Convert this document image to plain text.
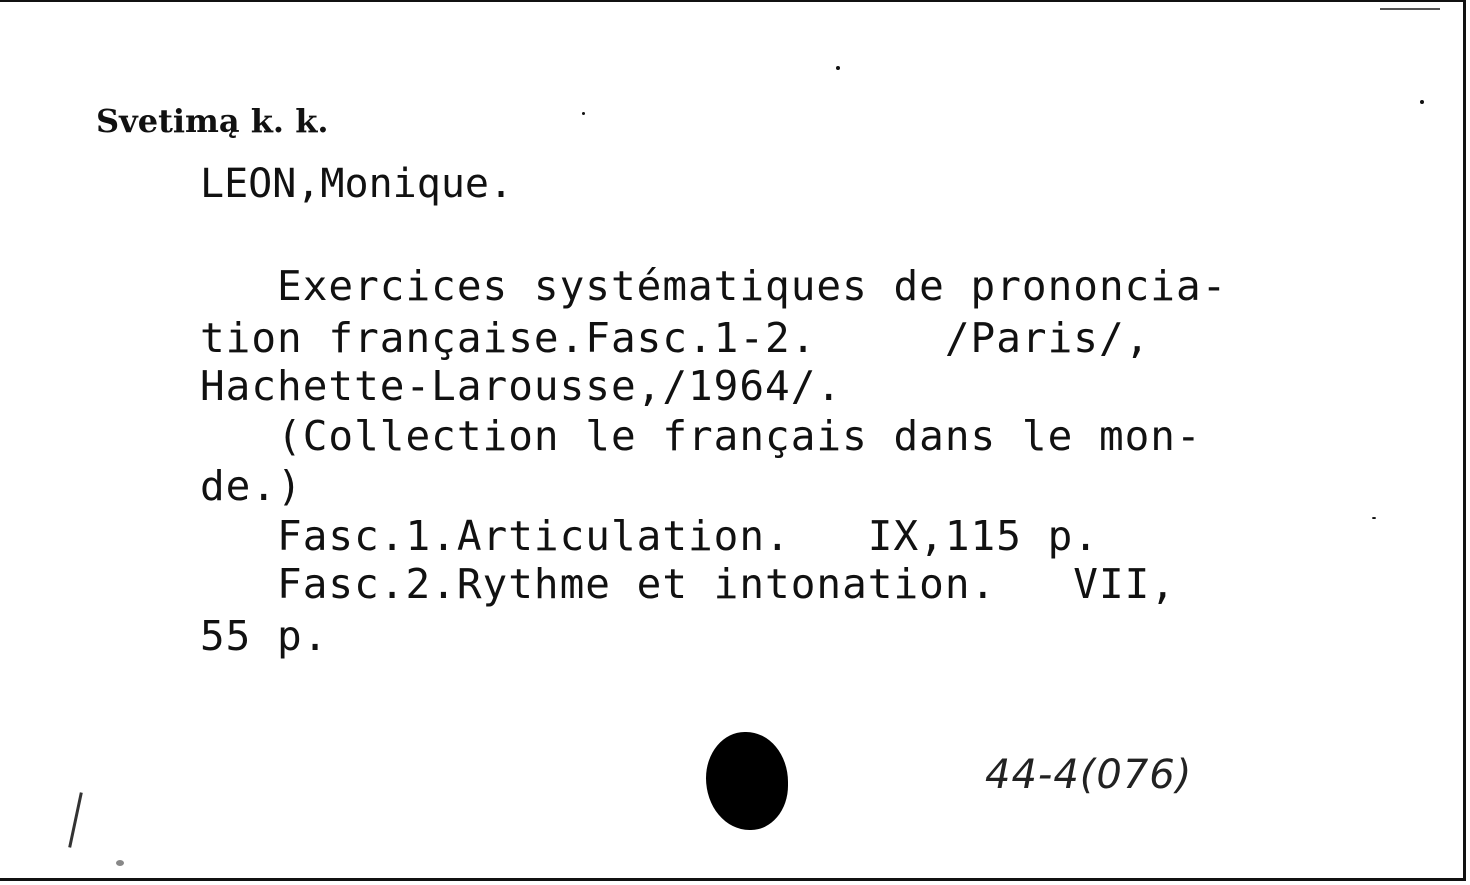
Svetimą k. k.
LEON,Monique.
Exercices systématiques de prononcia-
tion française.Fasc.1-2.     /Paris/,
Hachette-Larousse,/1964/.
(Collection le français dans le mon-
de.)
Fasc.1.Articulation.   IX,115 p.
Fasc.2.Rythme et intonation.   VII,
55 p.
44-4(076)
